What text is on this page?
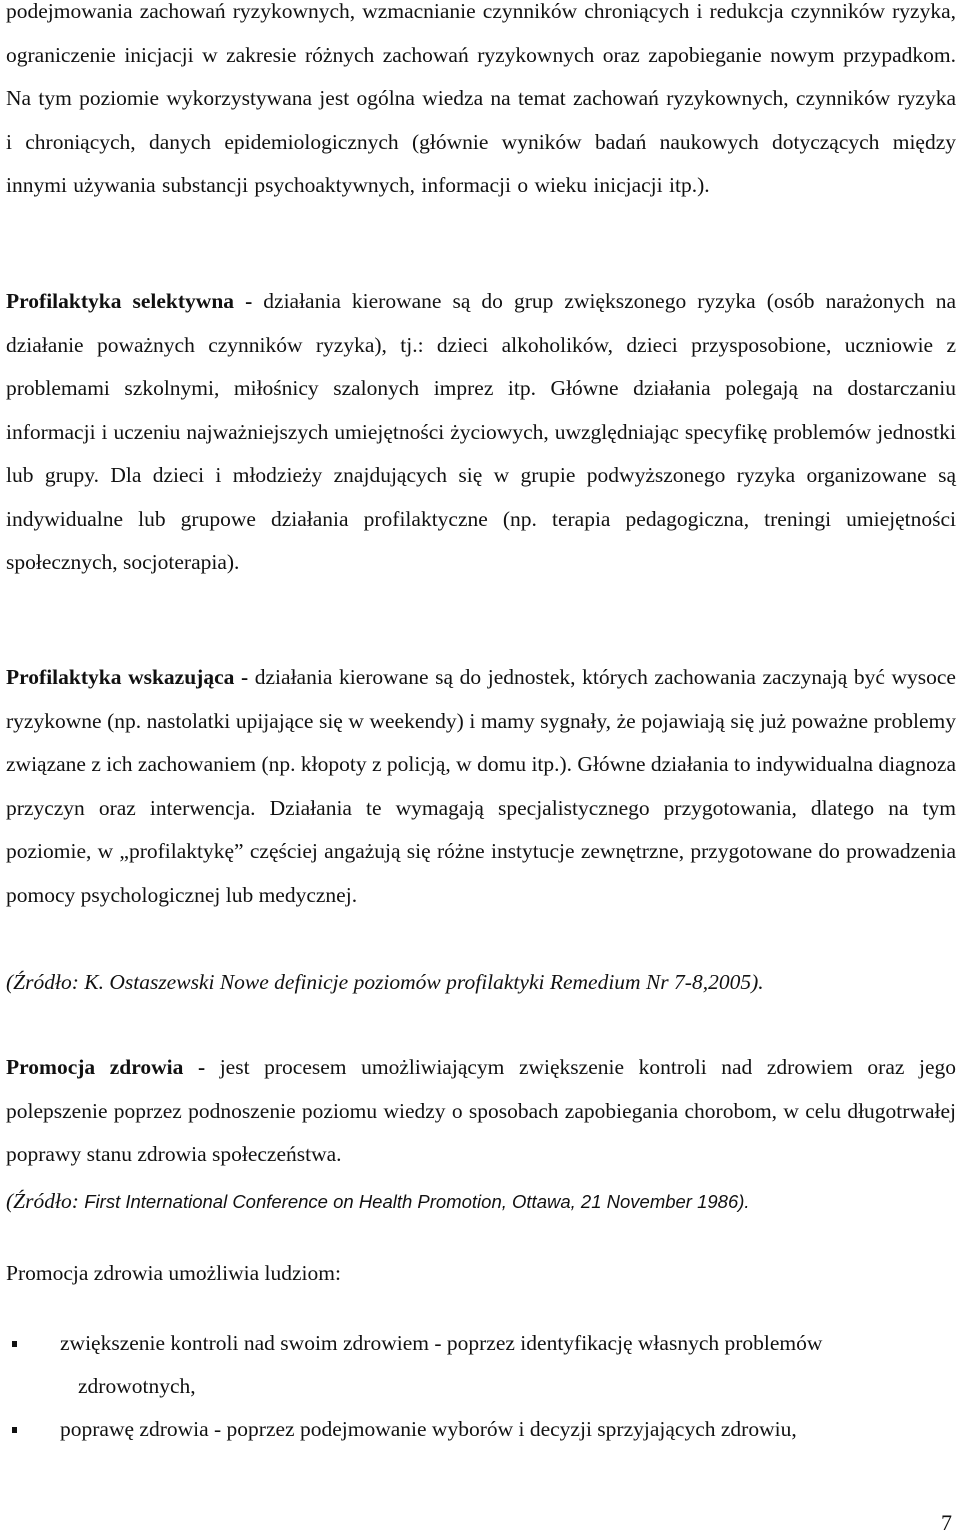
podejmowania zachowań ryzykownych, wzmacnianie czynników chroniących i redukcja czynników ryzyka, ograniczenie inicjacji w zakresie różnych zachowań ryzykownych oraz zapobieganie nowym przypadkom. Na tym poziomie wykorzystywana jest ogólna wiedza na temat zachowań ryzykownych, czynników ryzyka i chroniących, danych epidemiologicznych (głównie wyników badań naukowych dotyczących między innymi używania substancji psychoaktywnych, informacji o wieku inicjacji itp.).

Profilaktyka selektywna - działania kierowane są do grup zwiększonego ryzyka (osób narażonych na działanie poważnych czynników ryzyka), tj.: dzieci alkoholików, dzieci przysposobione, uczniowie z problemami szkolnymi, miłośnicy szalonych imprez itp. Główne działania polegają na dostarczaniu informacji i uczeniu najważniejszych umiejętności życiowych, uwzględniając specyfikę problemów jednostki lub grupy. Dla dzieci i młodzieży znajdujących się w grupie podwyższonego ryzyka organizowane są indywidualne lub grupowe działania profilaktyczne (np. terapia pedagogiczna, treningi umiejętności społecznych, socjoterapia).

Profilaktyka wskazująca - działania kierowane są do jednostek, których zachowania zaczynają być wysoce ryzykowne (np. nastolatki upijające się w weekendy) i mamy sygnały, że pojawiają się już poważne problemy związane z ich zachowaniem (np. kłopoty z policją, w domu itp.). Główne działania to indywidualna diagnoza przyczyn oraz interwencja. Działania te wymagają specjalistycznego przygotowania, dlatego na tym poziomie, w „profilaktykę” częściej angażują się różne instytucje zewnętrzne, przygotowane do prowadzenia pomocy psychologicznej lub medycznej.

(Źródło: K. Ostaszewski Nowe definicje poziomów profilaktyki Remedium Nr 7-8,2005).

Promocja zdrowia - jest procesem umożliwiającym zwiększenie kontroli nad zdrowiem oraz jego polepszenie poprzez podnoszenie poziomu wiedzy o sposobach zapobiegania chorobom, w celu długotrwałej poprawy stanu zdrowia społeczeństwa.

(Źródło: First International Conference on Health Promotion, Ottawa, 21 November 1986).
Promocja zdrowia umożliwia ludziom:
zwiększenie kontroli nad swoim zdrowiem - poprzez identyfikację własnych problemów
zdrowotnych,
poprawę zdrowia - poprzez podejmowanie wyborów i decyzji sprzyjających zdrowiu,
7
